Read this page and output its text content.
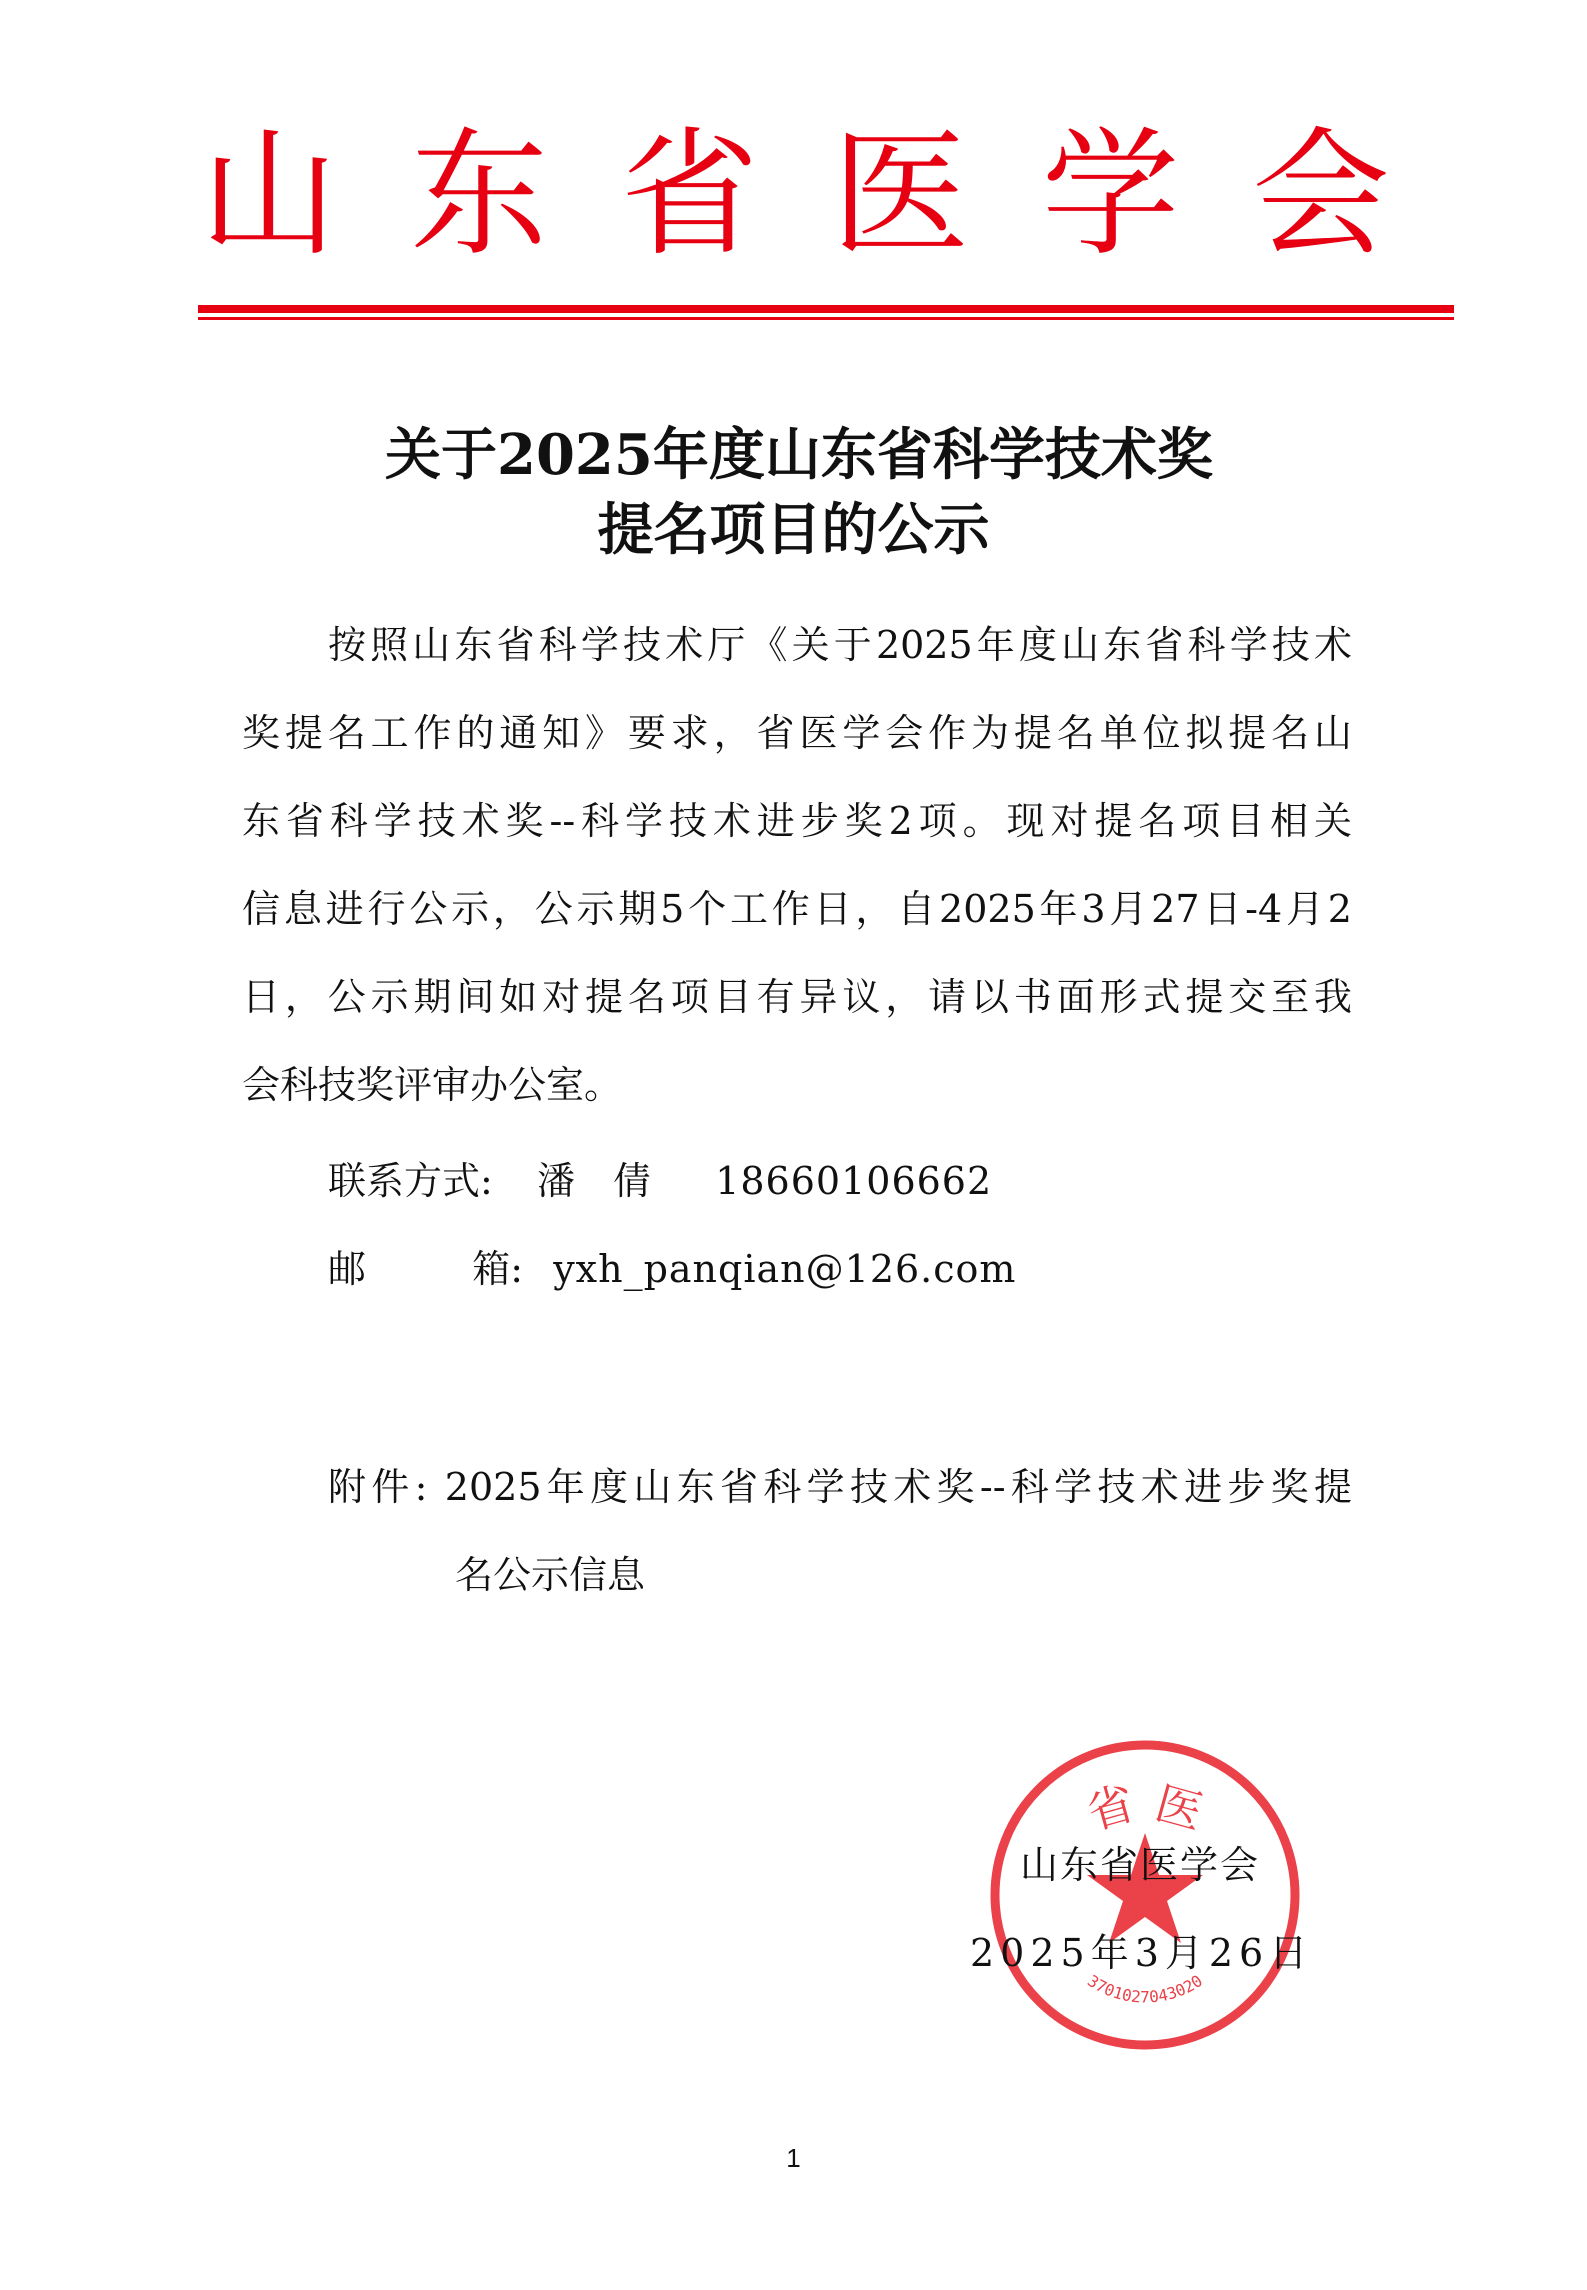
山 东 省 医 学 会
关于2025年度山东省科学技术奖
提名项目的公示
按照山东省科学技术厅《关于2025年度山东省科学技术
奖提名工作的通知》要求，省医学会作为提名单位拟提名山
东省科学技术奖--科学技术进步奖2项。现对提名项目相关
信息进行公示，公示期5个工作日，自2025年3月27日-4月2
日，公示期间如对提名项目有异议，请以书面形式提交至我
会科技奖评审办公室。
联系方式: 潘　倩 18660106662
邮	箱: yxh_panqian@126.com
附件: 2025年度山东省科学技术奖--科学技术进步奖提
名公示信息
省 医
3701027043020
山东省医学会
2025年3月26日
1
